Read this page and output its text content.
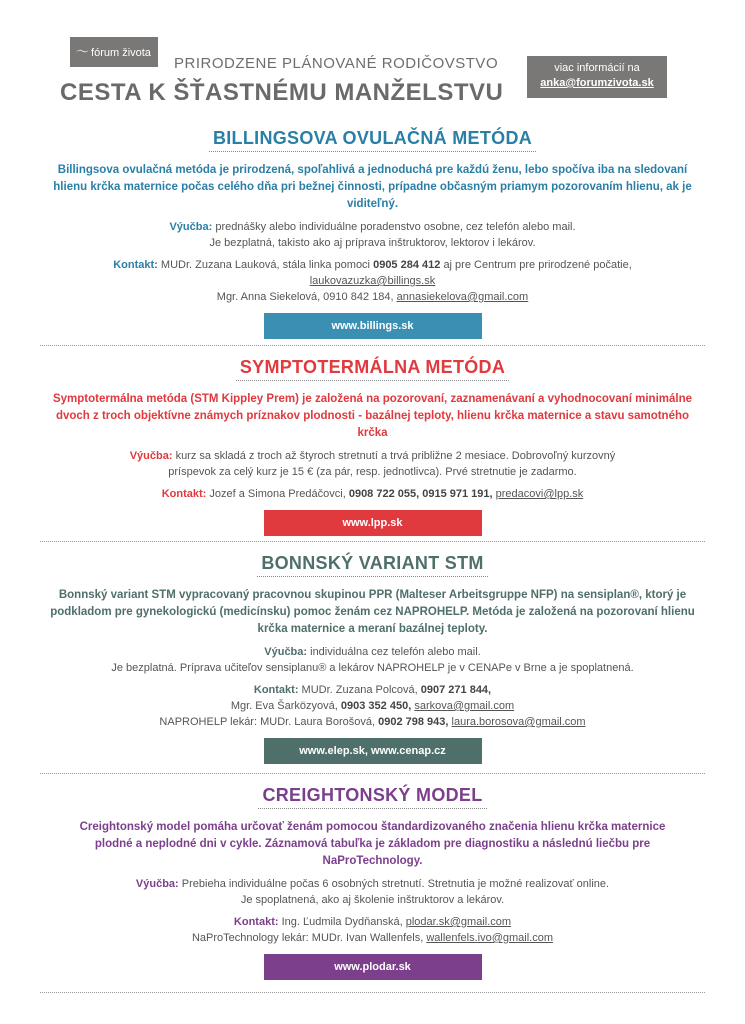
〜 fórum života
PRIRODZENE PLÁNOVANÉ RODIČOVSTVO
CESTA K ŠŤASTNÉMU MANŽELSTVU
viac informácií na
anka@forumzivota.sk
BILLINGSOVA OVULAČNÁ METÓDA
Billingsova ovulačná metóda je prirodzená, spoľahlivá a jednoduchá pre každú ženu, lebo spočíva iba na sledovaní hlienu krčka maternice počas celého dňa pri bežnej činnosti, prípadne občasným priamym pozorovaním hlienu, ak je viditeľný.
Výučba: prednášky alebo individuálne poradenstvo osobne, cez telefón alebo mail.
Je bezplatná, takisto ako aj príprava inštruktorov, lektorov i lekárov.
Kontakt: MUDr. Zuzana Lauková, stála linka pomoci 0905 284 412 aj pre Centrum pre prirodzené počatie,
laukovazuzka@billings.sk
Mgr. Anna Siekelová, 0910 842 184, annasiekelova@gmail.com
www.billings.sk
SYMPTOTERMÁLNA METÓDA
Symptotermálna metóda (STM Kippley Prem) je založená na pozorovaní, zaznamenávaní a vyhodnocovaní minimálne dvoch z troch objektívne známych príznakov plodnosti - bazálnej teploty, hlienu krčka maternice a stavu samotného krčka
Výučba: kurz sa skladá z troch až štyroch stretnutí a trvá približne 2 mesiace. Dobrovoľný kurzovný
príspevok za celý kurz je 15 € (za pár, resp. jednotlivca). Prvé stretnutie je zadarmo.
Kontakt: Jozef a Simona Predáčovci, 0908 722 055, 0915 971 191, predacovi@lpp.sk
www.lpp.sk
BONNSKÝ VARIANT STM
Bonnský variant STM vypracovaný pracovnou skupinou PPR (Malteser Arbeitsgruppe NFP) na sensiplan®, ktorý je podkladom pre gynekologickú (medicínsku) pomoc ženám cez NAPROHELP. Metóda je založená na pozorovaní hlienu krčka maternice a meraní bazálnej teploty.
Výučba: individuálna cez telefón alebo mail.
Je bezplatná. Príprava učiteľov sensiplanu® a lekárov NAPROHELP je v CENAPe v Brne a je spoplatnená.
Kontakt: MUDr. Zuzana Polcová, 0907 271 844,
Mgr. Eva Šarközyová, 0903 352 450, sarkova@gmail.com
NAPROHELP lekár: MUDr. Laura Borošová, 0902 798 943, laura.borosova@gmail.com
www.elep.sk, www.cenap.cz
CREIGHTONSKÝ MODEL
Creightonský model pomáha určovať ženám pomocou štandardizovaného značenia hlienu krčka maternice plodné a neplodné dni v cykle. Záznamová tabuľka je základom pre diagnostiku a následnú liečbu pre NaProTechnology.
Výučba: Prebieha individuálne počas 6 osobných stretnutí. Stretnutia je možné realizovať online.
Je spoplatnená, ako aj školenie inštruktorov a lekárov.
Kontakt: Ing. Ľudmila Dydňanská, plodar.sk@gmail.com
NaProTechnology lekár: MUDr. Ivan Wallenfels, wallenfels.ivo@gmail.com
www.plodar.sk
